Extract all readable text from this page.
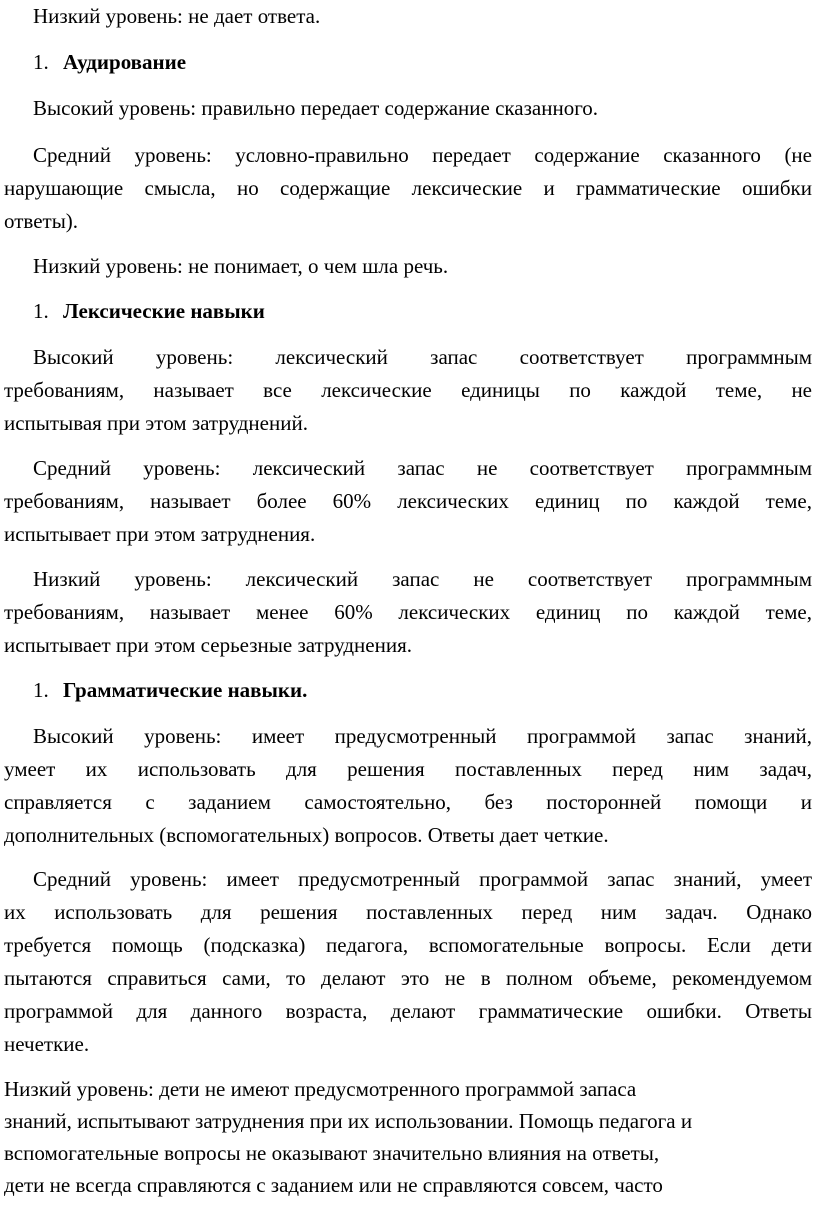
Низкий уровень: не дает ответа.
1. Аудирование
Высокий уровень: правильно передает содержание сказанного.
Средний уровень: условно-правильно передает содержание сказанного (не
нарушающие смысла, но содержащие лексические и грамматические ошибки
ответы).
Низкий уровень: не понимает, о чем шла речь.
1. Лексические навыки
Высокий уровень: лексический запас соответствует программным
требованиям, называет все лексические единицы по каждой теме, не
испытывая при этом затруднений.
Средний уровень: лексический запас не соответствует программным
требованиям, называет более 60% лексических единиц по каждой теме,
испытывает при этом затруднения.
Низкий уровень: лексический запас не соответствует программным
требованиям, называет менее 60% лексических единиц по каждой теме,
испытывает при этом серьезные затруднения.
1. Грамматические навыки.
Высокий уровень: имеет предусмотренный программой запас знаний,
умеет их использовать для решения поставленных перед ним задач,
справляется с заданием самостоятельно, без посторонней помощи и
дополнительных (вспомогательных) вопросов. Ответы дает четкие.
Средний уровень: имеет предусмотренный программой запас знаний, умеет
их использовать для решения поставленных перед ним задач. Однако
требуется помощь (подсказка) педагога, вспомогательные вопросы. Если дети
пытаются справиться сами, то делают это не в полном объеме, рекомендуемом
программой для данного возраста, делают грамматические ошибки. Ответы
нечеткие.
Низкий уровень: дети не имеют предусмотренного программой запаса
знаний, испытывают затруднения при их использовании. Помощь педагога и
вспомогательные вопросы не оказывают значительно влияния на ответы,
дети не всегда справляются с заданием или не справляются совсем, часто
